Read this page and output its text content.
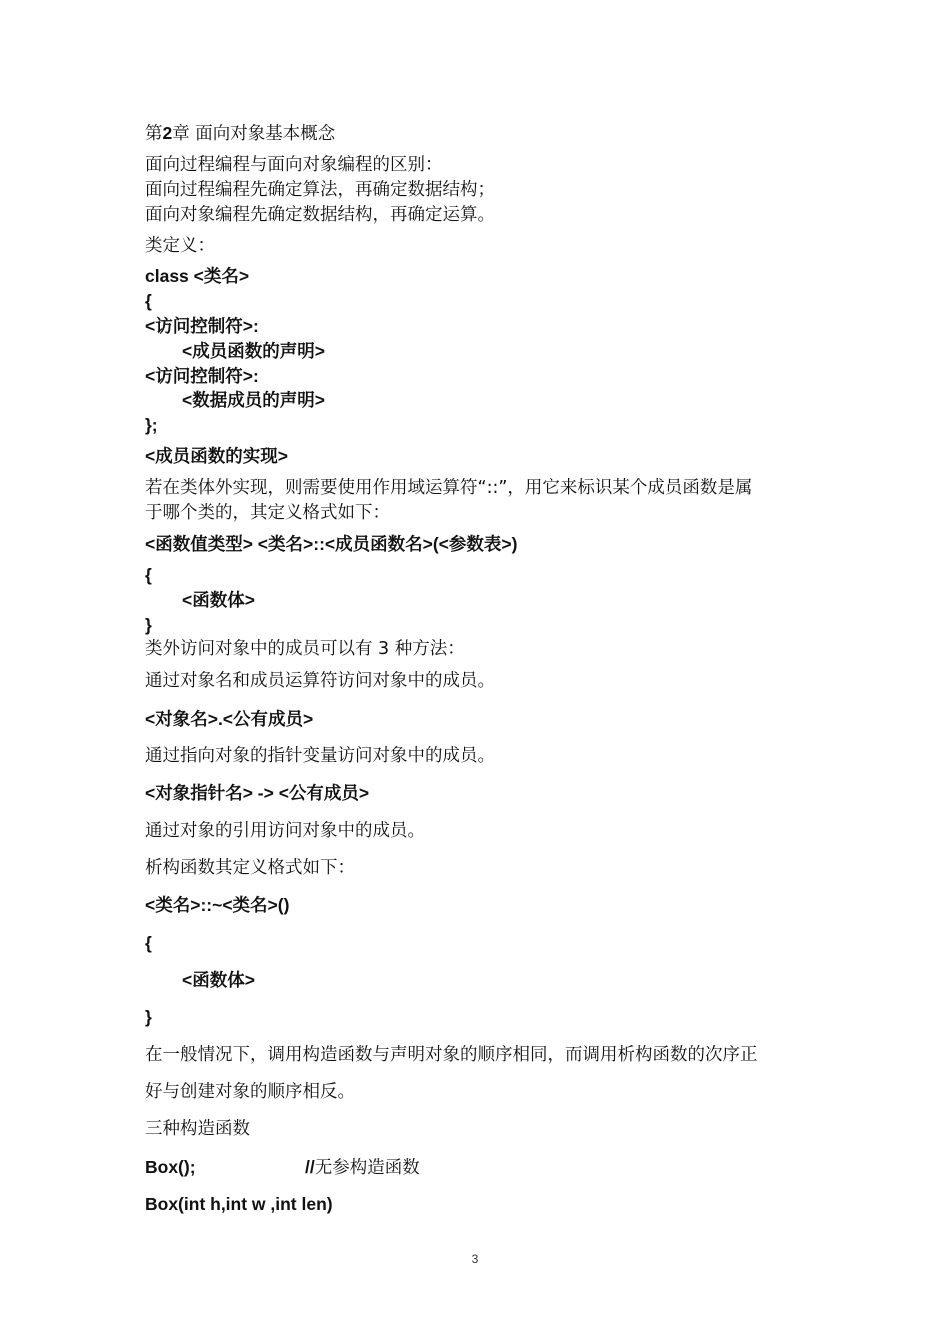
第2章 面向对象基本概念
面向过程编程与面向对象编程的区别：
面向过程编程先确定算法，再确定数据结构；
面向对象编程先确定数据结构，再确定运算。
类定义：
class <类名>
{
<访问控制符>:
<成员函数的声明>
<访问控制符>:
<数据成员的声明>
};
<成员函数的实现>
若在类体外实现，则需要使用作用域运算符“::”，用它来标识某个成员函数是属
于哪个类的，其定义格式如下：
<函数值类型> <类名>::<成员函数名>(<参数表>)
{
<函数体>
}
类外访问对象中的成员可以有 3 种方法：
通过对象名和成员运算符访问对象中的成员。
<对象名>.<公有成员>
通过指向对象的指针变量访问对象中的成员。
<对象指针名> -> <公有成员>
通过对象的引用访问对象中的成员。
析构函数其定义格式如下：
<类名>::~<类名>()
{
<函数体>
}
在一般情况下，调用构造函数与声明对象的顺序相同，而调用析构函数的次序正
好与创建对象的顺序相反。
三种构造函数
Box();	//无参构造函数
Box(int h,int w ,int len)
3
